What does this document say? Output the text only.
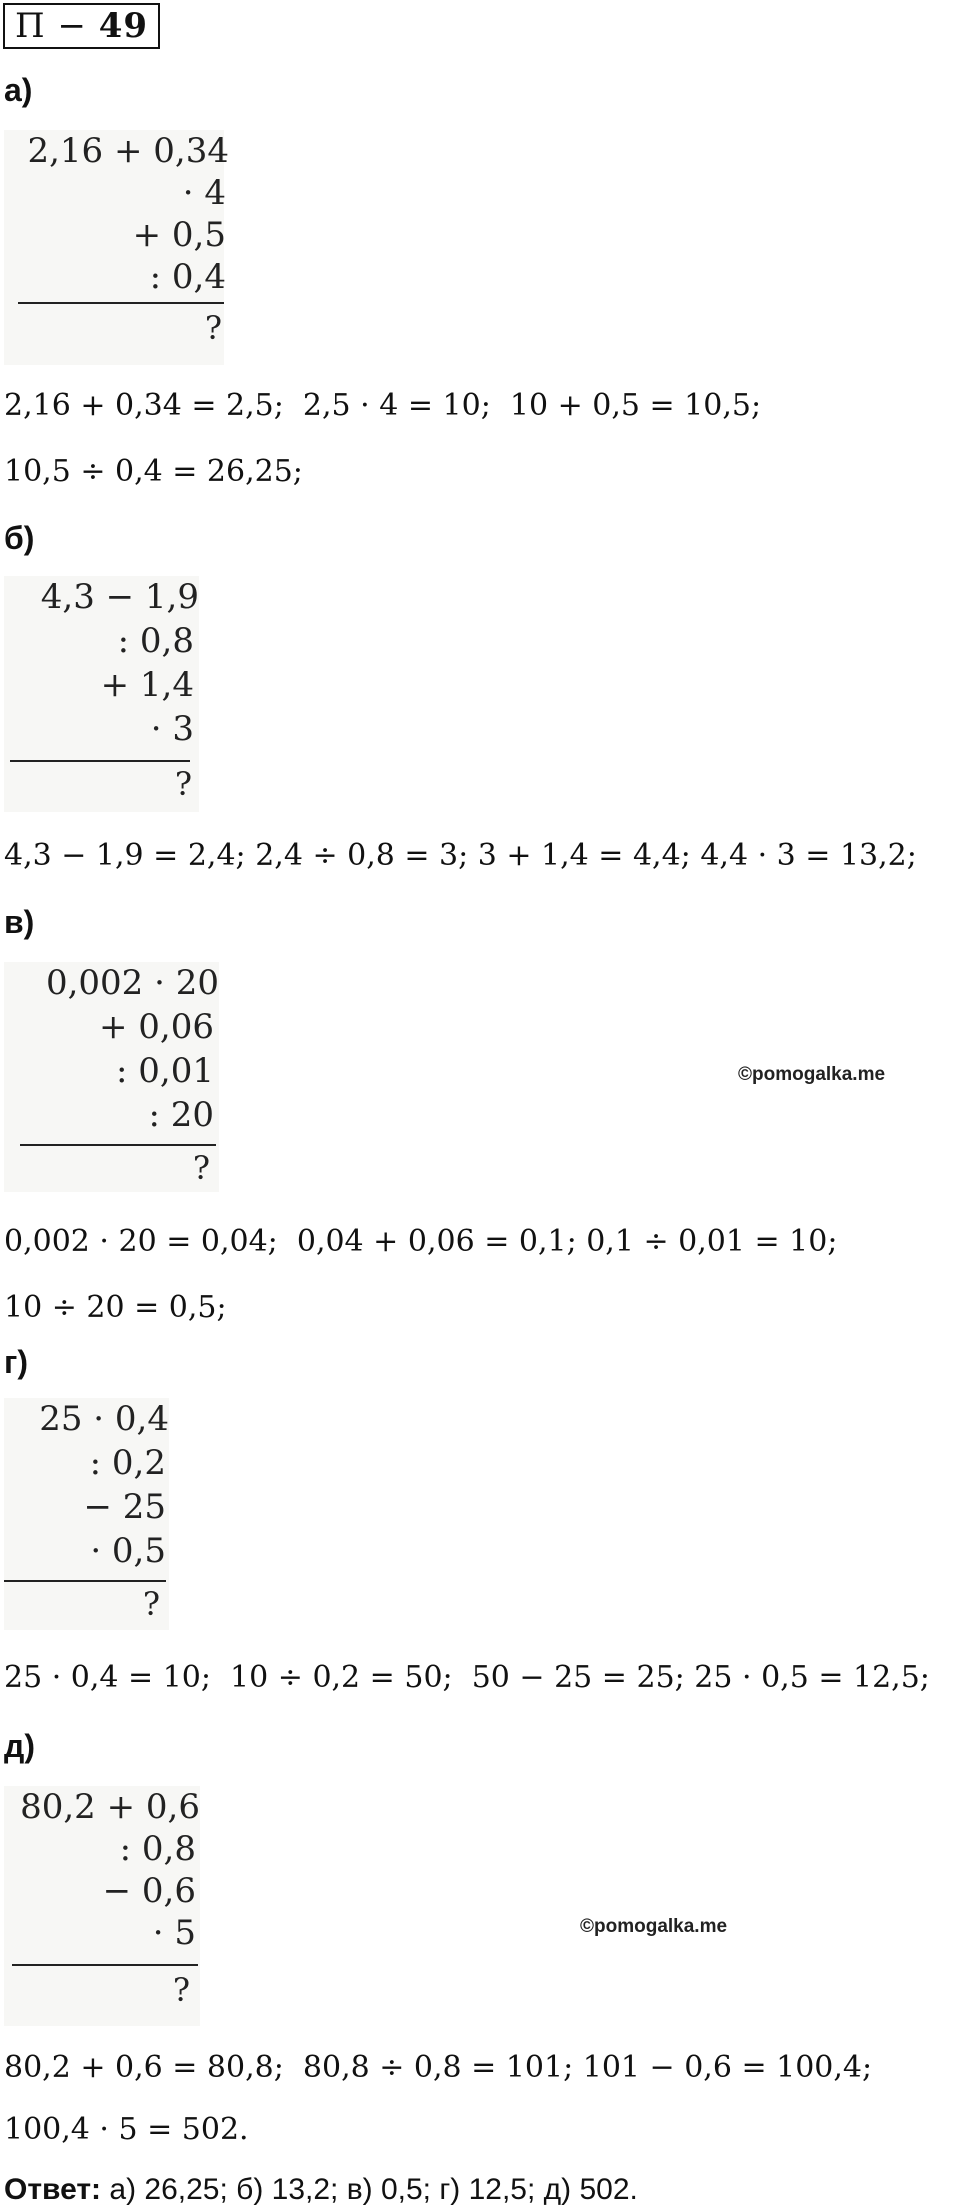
П − 49
а)
2,16 + 0,34
· 4
+ 0,5
: 0,4
?
2,16 + 0,34 = 2,5;  2,5 · 4 = 10;  10 + 0,5 = 10,5;
10,5 ÷ 0,4 = 26,25;
б)
4,3 − 1,9
: 0,8
+ 1,4
· 3
?
4,3 − 1,9 = 2,4; 2,4 ÷ 0,8 = 3; 3 + 1,4 = 4,4; 4,4 · 3 = 13,2;
в)
0,002 · 20
+ 0,06
: 0,01
: 20
?
©pomogalka.me
0,002 · 20 = 0,04;  0,04 + 0,06 = 0,1; 0,1 ÷ 0,01 = 10;
10 ÷ 20 = 0,5;
г)
25 · 0,4
: 0,2
− 25
· 0,5
?
25 · 0,4 = 10;  10 ÷ 0,2 = 50;  50 − 25 = 25; 25 · 0,5 = 12,5;
д)
80,2 + 0,6
: 0,8
− 0,6
· 5
?
©pomogalka.me
80,2 + 0,6 = 80,8;  80,8 ÷ 0,8 = 101; 101 − 0,6 = 100,4;
100,4 · 5 = 502.
Ответ: а) 26,25; б) 13,2; в) 0,5; г) 12,5; д) 502.
